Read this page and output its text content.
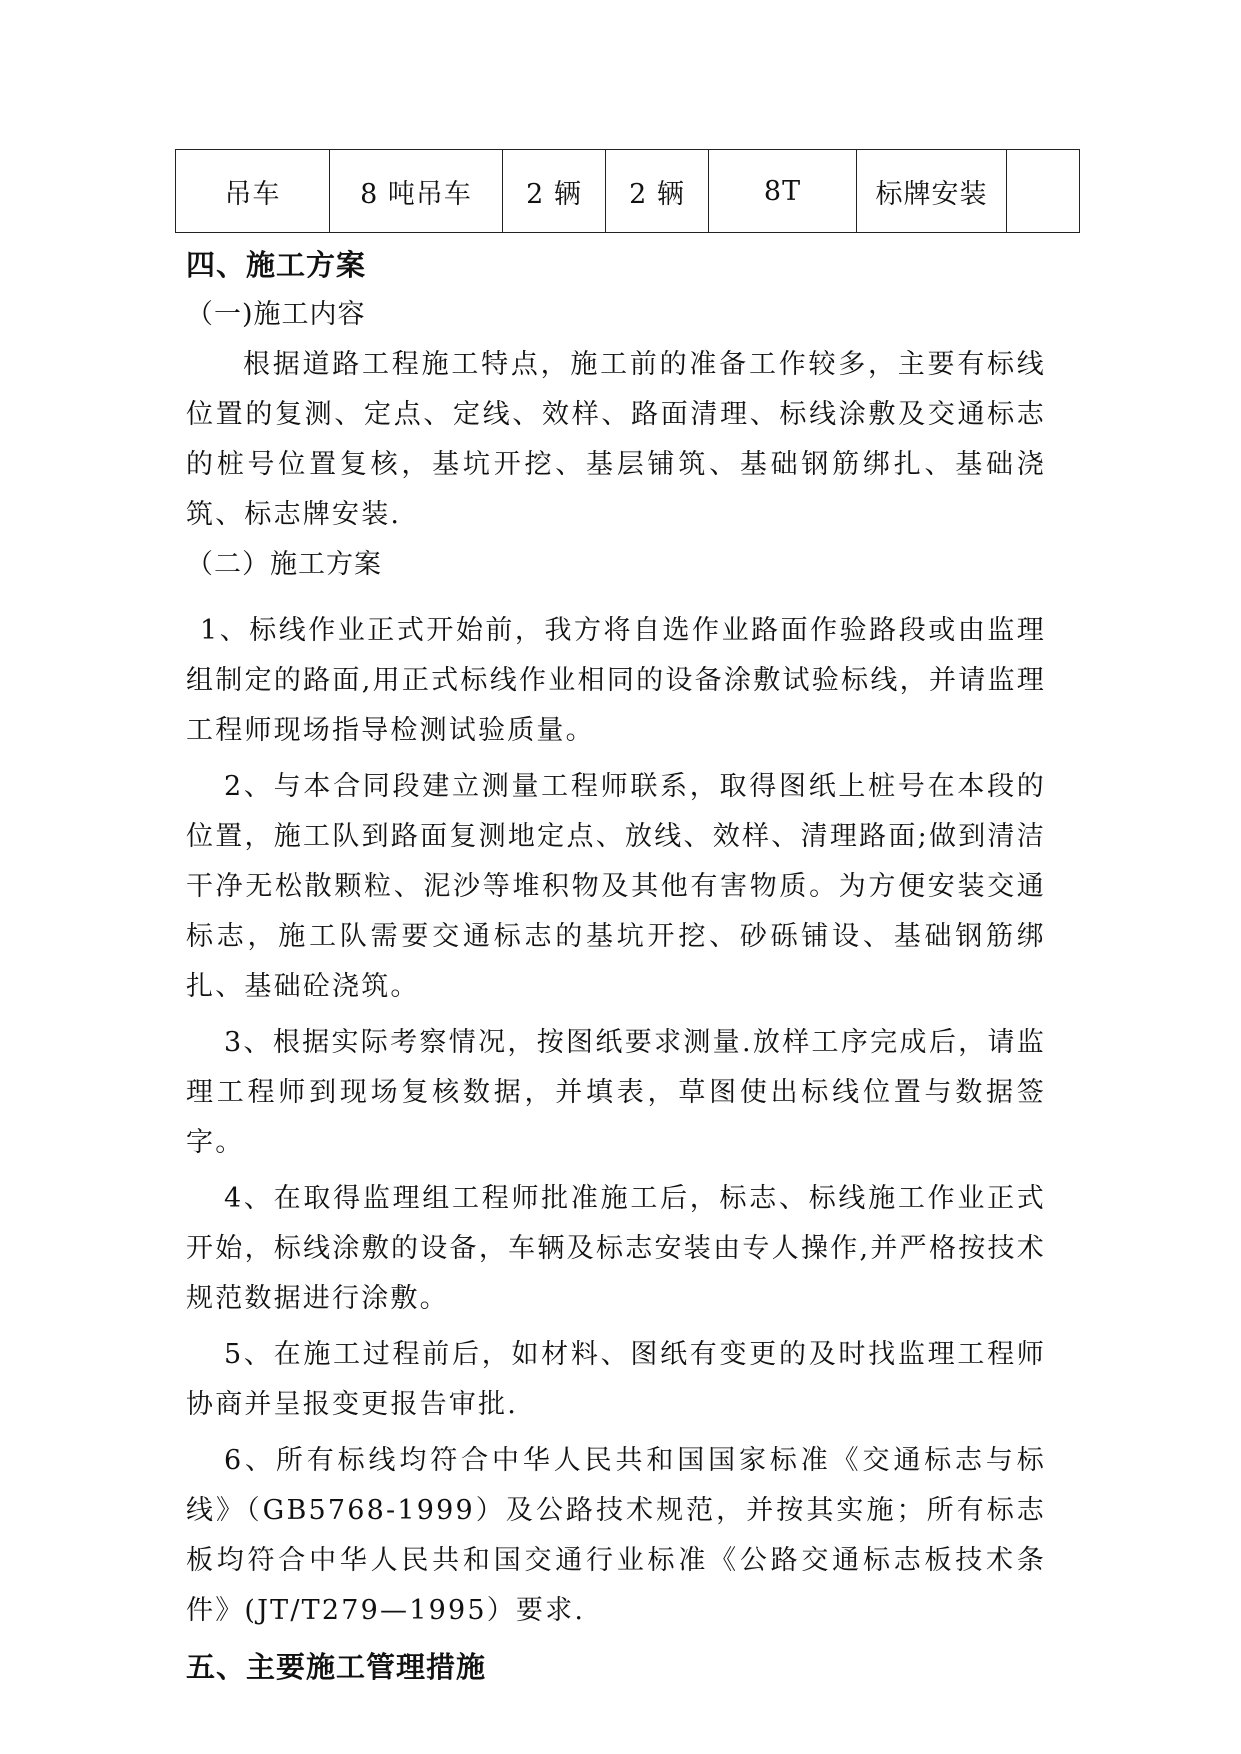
吊车	8 吨吊车	2 辆	2 辆	8T	标牌安装	
四、施工方案
（一)施工内容

根据道路工程施工特点，施工前的准备工作较多，主要有标线位置的复测、定点、定线、效样、路面清理、标线涂敷及交通标志的桩号位置复核，基坑开挖、基层铺筑、基础钢筋绑扎、基础浇筑、标志牌安装.

（二）施工方案

1、标线作业正式开始前，我方将自选作业路面作验路段或由监理组制定的路面,用正式标线作业相同的设备涂敷试验标线，并请监理工程师现场指导检测试验质量。

2、与本合同段建立测量工程师联系，取得图纸上桩号在本段的位置，施工队到路面复测地定点、放线、效样、清理路面;做到清洁干净无松散颗粒、泥沙等堆积物及其他有害物质。为方便安装交通标志，施工队需要交通标志的基坑开挖、砂砾铺设、基础钢筋绑扎、基础砼浇筑。

3、根据实际考察情况，按图纸要求测量.放样工序完成后，请监理工程师到现场复核数据，并填表，草图使出标线位置与数据签字。

4、在取得监理组工程师批准施工后，标志、标线施工作业正式开始，标线涂敷的设备，车辆及标志安装由专人操作,并严格按技术规范数据进行涂敷。

5、在施工过程前后，如材料、图纸有变更的及时找监理工程师协商并呈报变更报告审批.

6、所有标线均符合中华人民共和国国家标准《交通标志与标线》（GB5768-1999）及公路技术规范，并按其实施；所有标志板均符合中华人民共和国交通行业标准《公路交通标志板技术条件》(JT/T279—1995）要求.

五、主要施工管理措施
